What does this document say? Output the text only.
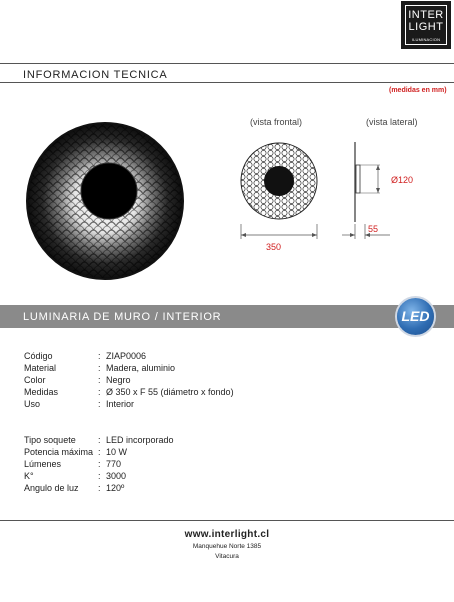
INTER
LIGHT
ILUMINACION
INFORMACION TECNICA
(medidas en mm)
(vista frontal)
350
(vista lateral)
Ø120
55
LUMINARIA DE MURO / INTERIOR	LED
Código	: ZIAP0006
Material	: Madera, aluminio
Color	: Negro
Medidas	: Ø 350 x F 55 (diámetro x fondo)
Uso	: Interior
Tipo soquete : LED incorporado
Potencia máxima : 10 W
Lúmenes	: 770
K°	: 3000
Angulo de luz : 120º
www.interlight.cl
Manquehue Norte 1385
Vitacura
